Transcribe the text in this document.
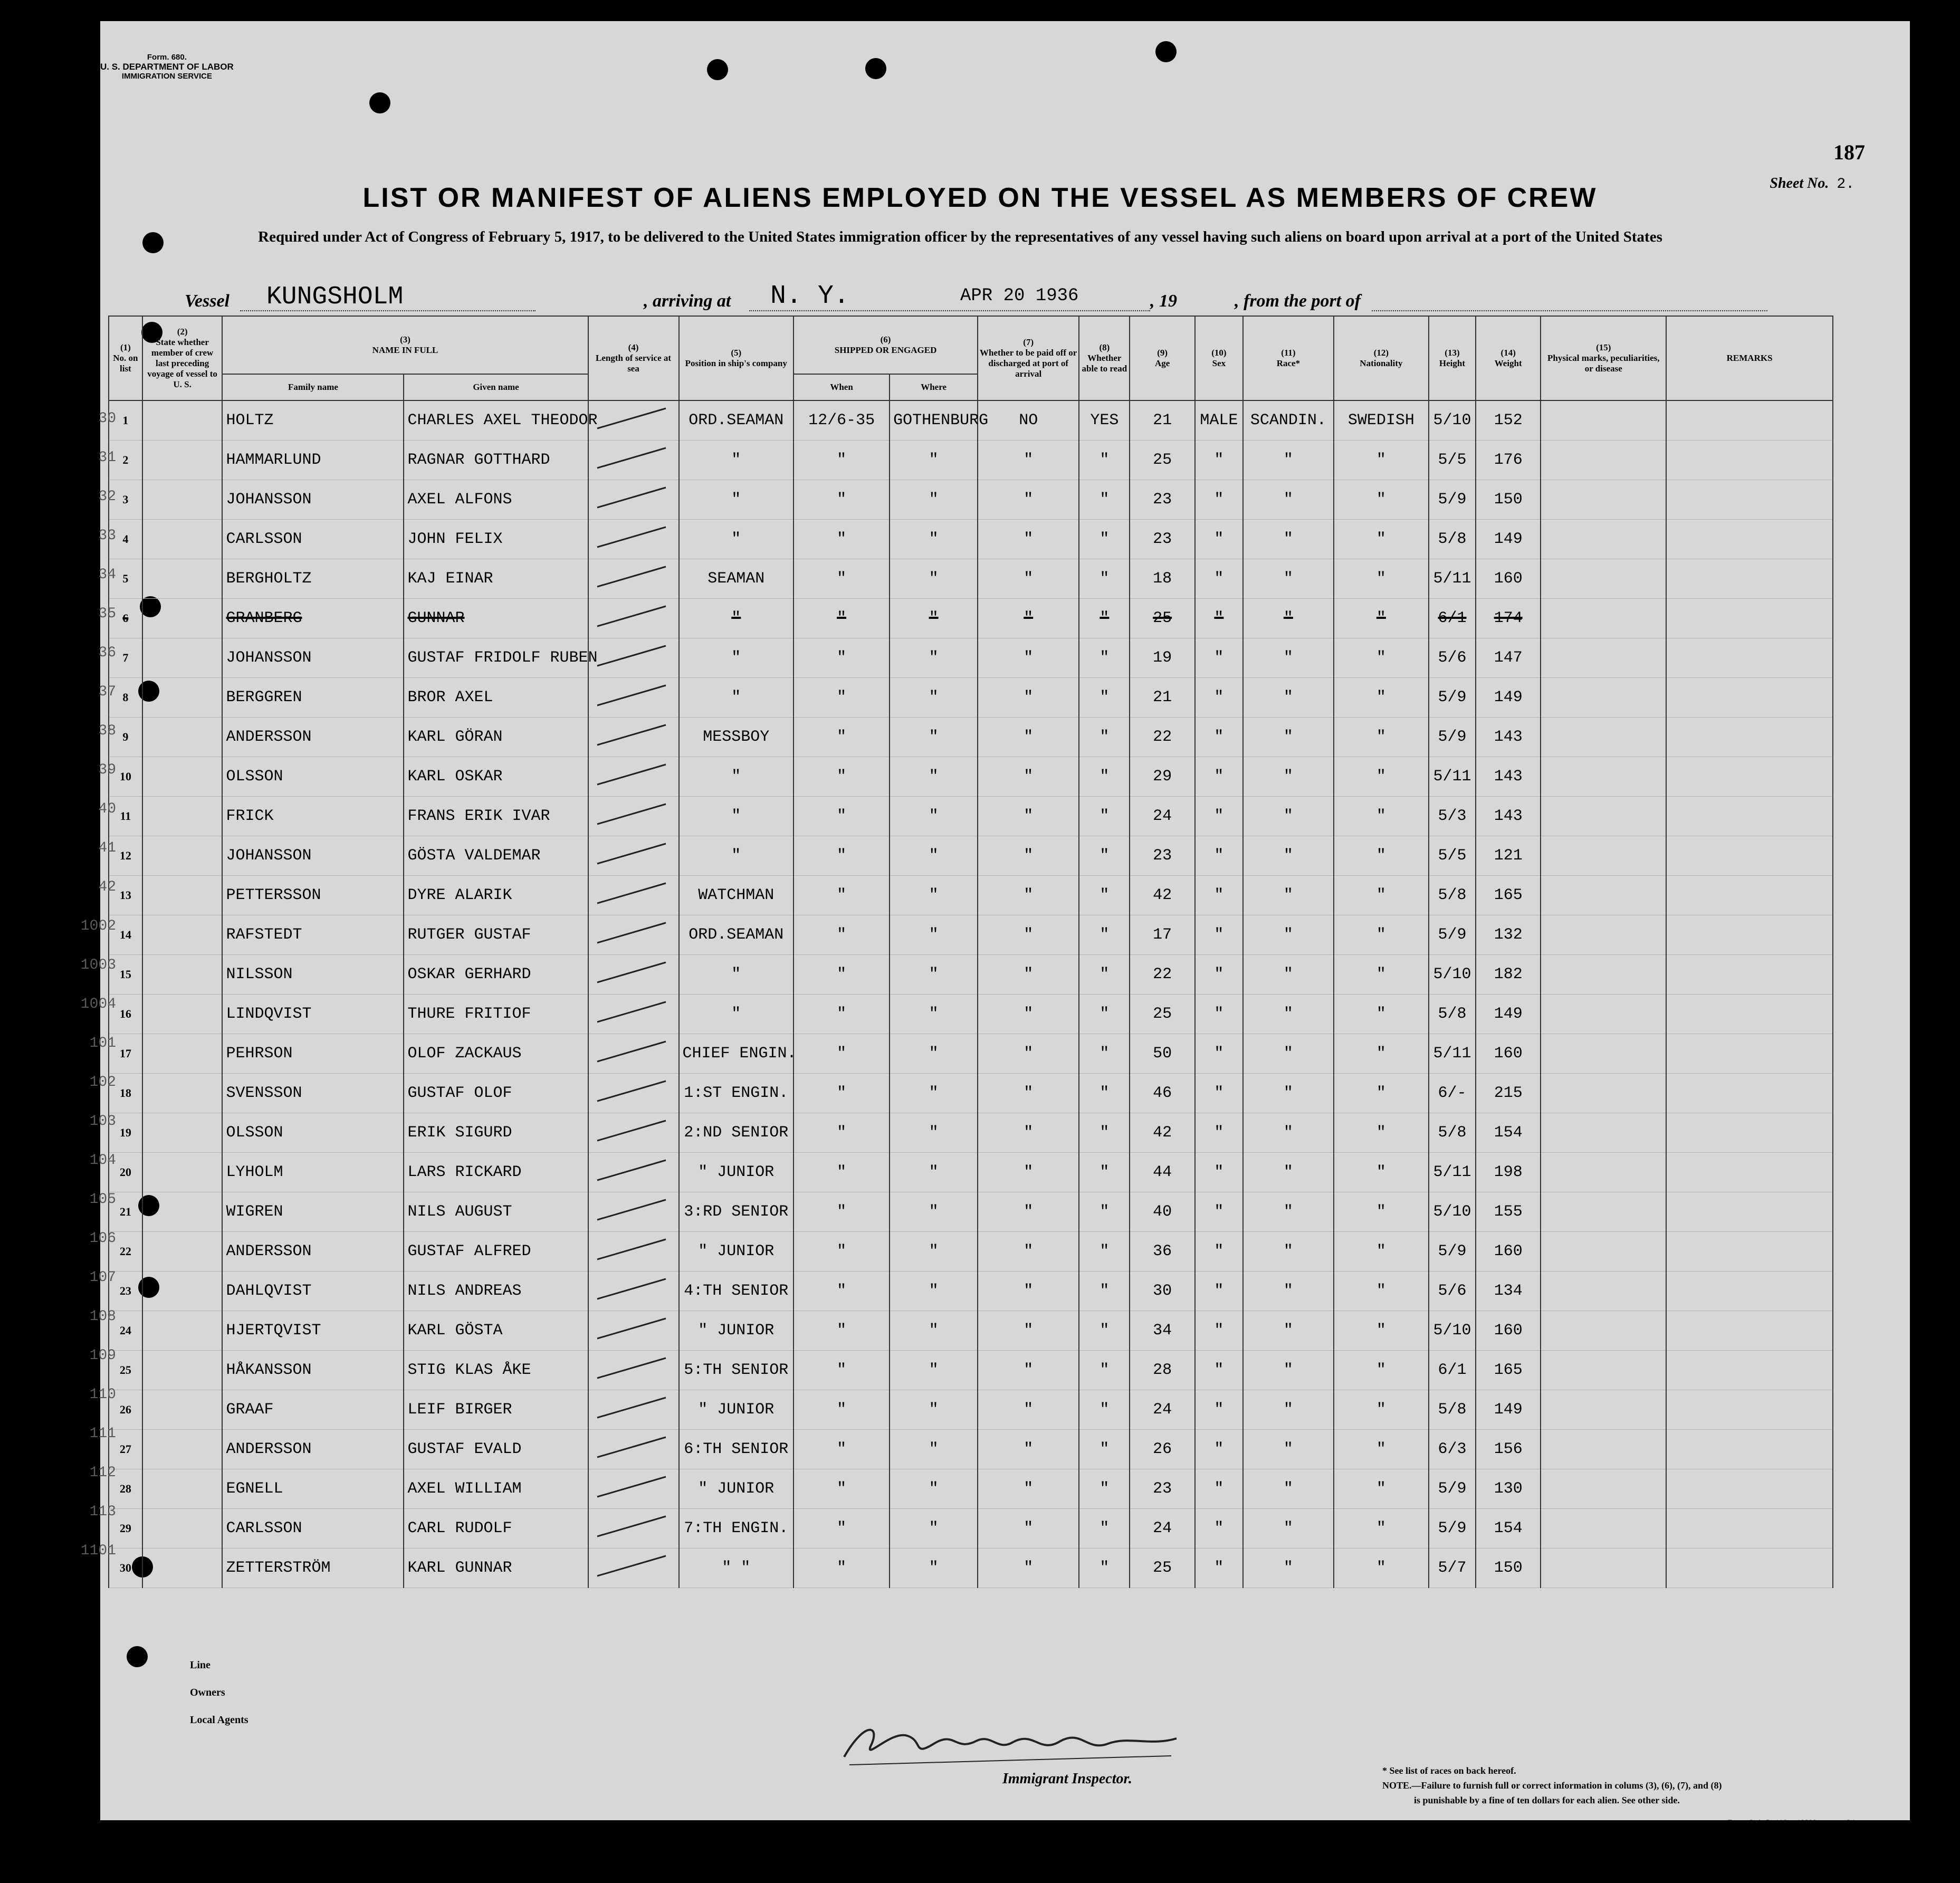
Form. 680.
U. S. DEPARTMENT OF LABOR
IMMIGRATION SERVICE
187
Sheet No. 2.
LIST OR MANIFEST OF ALIENS EMPLOYED ON THE VESSEL AS MEMBERS OF CREW
Required under Act of Congress of February 5, 1917, to be delivered to the United States immigration officer by the representatives of any vessel having such aliens on board upon arrival at a port of the United States
Vessel KUNGSHOLM	, arriving at N. Y.	APR 20 1936	, 19	, from the port of
(1)
No. on list	(2)
State whether member of crew last preceding voyage of vessel to U. S.	(3)
NAME IN FULL		(4)
Length of service at sea	(5)
Position in ship's company	(6)
SHIPPED OR ENGAGED		(7)
Whether to be paid off or discharged at port of arrival	(8)
Whether able to read	(9)
Age	(10)
Sex	(11)
Race*	(12)
Nationality	(13)
Height	(14)
Weight	(15)
Physical marks, peculiarities, or disease	REMARKS
		Family name	Given name			When	Where										
1		HOLTZ	CHARLES AXEL THEODOR		ORD.SEAMAN	12/6-35	GOTHENBURG	NO	YES	21	MALE	SCANDIN.	SWEDISH	5/10	152		
2		HAMMARLUND	RAGNAR GOTTHARD		"	"	"	"	"	25	"	"	"	5/5	176		
3		JOHANSSON	AXEL ALFONS		"	"	"	"	"	23	"	"	"	5/9	150		
4		CARLSSON	JOHN FELIX		"	"	"	"	"	23	"	"	"	5/8	149		
5		BERGHOLTZ	KAJ EINAR		SEAMAN	"	"	"	"	18	"	"	"	5/11	160		
6		GRANBERG	GUNNAR		"	"	"	"	"	25	"	"	"	6/1	174		
7		JOHANSSON	GUSTAF FRIDOLF RUBEN		"	"	"	"	"	19	"	"	"	5/6	147		
8		BERGGREN	BROR AXEL		"	"	"	"	"	21	"	"	"	5/9	149		
9		ANDERSSON	KARL GÖRAN		MESSBOY	"	"	"	"	22	"	"	"	5/9	143		
10		OLSSON	KARL OSKAR		"	"	"	"	"	29	"	"	"	5/11	143		
11		FRICK	FRANS ERIK IVAR		"	"	"	"	"	24	"	"	"	5/3	143		
12		JOHANSSON	GÖSTA VALDEMAR		"	"	"	"	"	23	"	"	"	5/5	121		
13		PETTERSSON	DYRE ALARIK		WATCHMAN	"	"	"	"	42	"	"	"	5/8	165		
14		RAFSTEDT	RUTGER GUSTAF		ORD.SEAMAN	"	"	"	"	17	"	"	"	5/9	132		
15		NILSSON	OSKAR GERHARD		"	"	"	"	"	22	"	"	"	5/10	182		
16		LINDQVIST	THURE FRITIOF		"	"	"	"	"	25	"	"	"	5/8	149		
17		PEHRSON	OLOF ZACKAUS		CHIEF ENGIN.	"	"	"	"	50	"	"	"	5/11	160		
18		SVENSSON	GUSTAF OLOF		1:ST ENGIN.	"	"	"	"	46	"	"	"	6/-	215		
19		OLSSON	ERIK SIGURD		2:ND SENIOR	"	"	"	"	42	"	"	"	5/8	154		
20		LYHOLM	LARS RICKARD		" JUNIOR	"	"	"	"	44	"	"	"	5/11	198		
21		WIGREN	NILS AUGUST		3:RD SENIOR	"	"	"	"	40	"	"	"	5/10	155		
22		ANDERSSON	GUSTAF ALFRED		" JUNIOR	"	"	"	"	36	"	"	"	5/9	160		
23		DAHLQVIST	NILS ANDREAS		4:TH SENIOR	"	"	"	"	30	"	"	"	5/6	134		
24		HJERTQVIST	KARL GÖSTA		" JUNIOR	"	"	"	"	34	"	"	"	5/10	160		
25		HÅKANSSON	STIG KLAS ÅKE		5:TH SENIOR	"	"	"	"	28	"	"	"	6/1	165		
26		GRAAF	LEIF BIRGER		" JUNIOR	"	"	"	"	24	"	"	"	5/8	149		
27		ANDERSSON	GUSTAF EVALD		6:TH SENIOR	"	"	"	"	26	"	"	"	6/3	156		
28		EGNELL	AXEL WILLIAM		" JUNIOR	"	"	"	"	23	"	"	"	5/9	130		
29		CARLSSON	CARL RUDOLF		7:TH ENGIN.	"	"	"	"	24	"	"	"	5/9	154		
30		ZETTERSTRÖM	KARL GUNNAR		" "	"	"	"	"	25	"	"	"	5/7	150		
30
31
32
33
34
35
36
37
38
39
40
41
42
1002
1003
1004
101
102
103
104
105
106
107
108
109
110
111
112
113
1101
Line
Owners
Local Agents
Immigrant Inspector.	* See list of races on back hereof.
NOTE.—Failure to furnish full or correct information in colums (3), (6), (7), and (8)
is punishable by a fine of ten dollars for each alien. See other side.
OBSTADIUS BOKTRYCKERI A-B 23917	Form. S. A. L. 116 n. 10000 ex. sept. 34
